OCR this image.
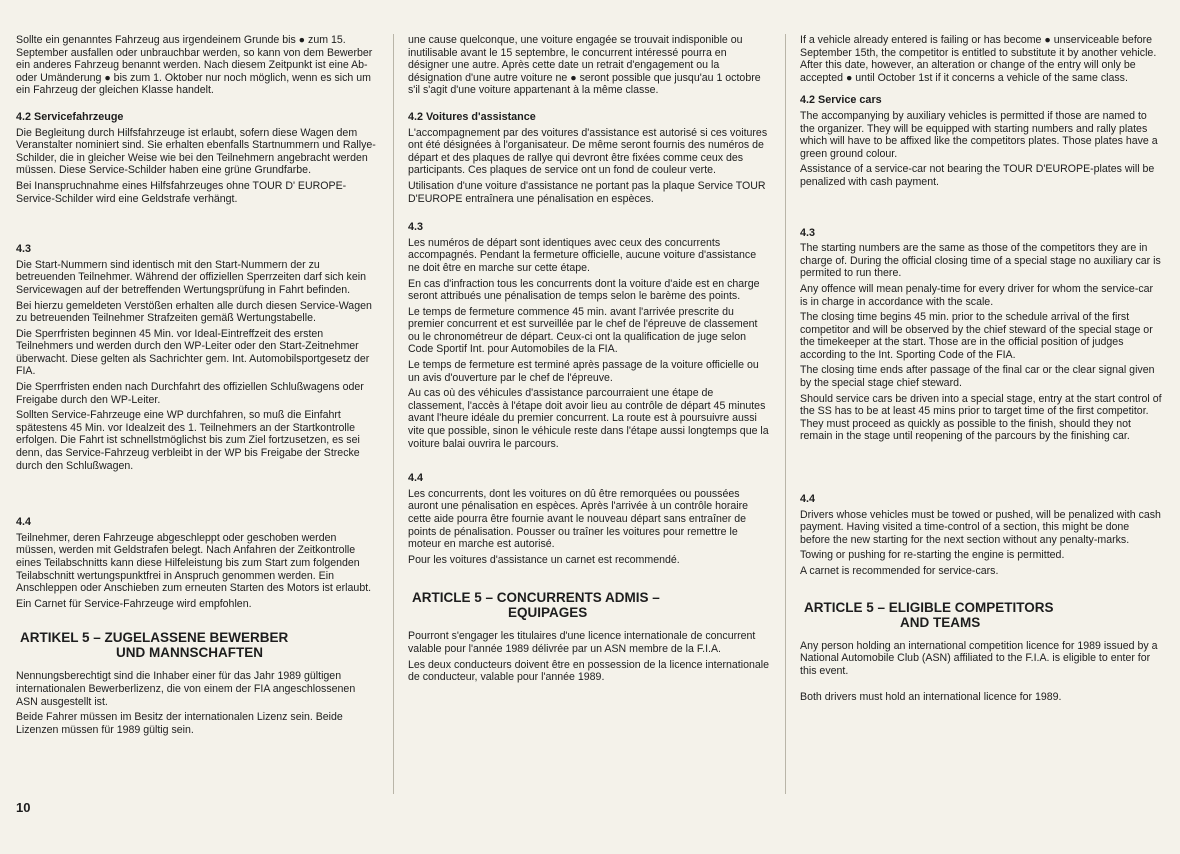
Sollte ein genanntes Fahrzeug aus irgendeinem Grunde bis ● zum 15. September ausfallen oder unbrauchbar werden, so kann von dem Bewerber ein anderes Fahrzeug benannt werden. Nach diesem Zeitpunkt ist eine Ab- oder Umänderung ● bis zum 1. Oktober nur noch möglich, wenn es sich um ein Fahrzeug der gleichen Klasse handelt.

4.2 Servicefahrzeuge

Die Begleitung durch Hilfsfahrzeuge ist erlaubt, sofern diese Wagen dem Veranstalter nominiert sind. Sie erhalten ebenfalls Startnummern und Rallye-Schilder, die in gleicher Weise wie bei den Teilnehmern angebracht werden müssen. Diese Service-Schilder haben eine grüne Grundfarbe.

Bei Inanspruchnahme eines Hilfsfahrzeuges ohne TOUR D' EUROPE-Service-Schilder wird eine Geldstrafe verhängt.

4.3

Die Start-Nummern sind identisch mit den Start-Nummern der zu betreuenden Teilnehmer. Während der offiziellen Sperrzeiten darf sich kein Servicewagen auf der betreffenden Wertungsprüfung in Fahrt befinden.

Bei hierzu gemeldeten Verstößen erhalten alle durch diesen Service-Wagen zu betreuenden Teilnehmer Strafzeiten gemäß Wertungstabelle.

Die Sperrfristen beginnen 45 Min. vor Ideal-Eintreffzeit des ersten Teilnehmers und werden durch den WP-Leiter oder den Start-Zeitnehmer überwacht. Diese gelten als Sachrichter gem. Int. Automobilsportgesetz der FIA.

Die Sperrfristen enden nach Durchfahrt des offiziellen Schlußwagens oder Freigabe durch den WP-Leiter.

Sollten Service-Fahrzeuge eine WP durchfahren, so muß die Einfahrt spätestens 45 Min. vor Idealzeit des 1. Teilnehmers an der Startkontrolle erfolgen. Die Fahrt ist schnellstmöglichst bis zum Ziel fortzusetzen, es sei denn, das Service-Fahrzeug verbleibt in der WP bis Freigabe der Strecke durch den Schlußwagen.

4.4

Teilnehmer, deren Fahrzeuge abgeschleppt oder geschoben werden müssen, werden mit Geldstrafen belegt. Nach Anfahren der Zeitkontrolle eines Teilabschnitts kann diese Hilfeleistung bis zum Start zum folgenden Teilabschnitt wertungspunktfrei in Anspruch genommen werden. Ein Anschleppen oder Anschieben zum erneuten Starten des Motors ist erlaubt.

Ein Carnet für Service-Fahrzeuge wird empfohlen.

ARTIKEL 5 – ZUGELASSENE BEWERBER
UND MANNSCHAFTEN

Nennungsberechtigt sind die Inhaber einer für das Jahr 1989 gültigen internationalen Bewerberlizenz, die von einem der FIA angeschlossenen ASN ausgestellt ist.

Beide Fahrer müssen im Besitz der internationalen Lizenz sein. Beide Lizenzen müssen für 1989 gültig sein.

une cause quelconque, une voiture engagée se trouvait indisponible ou inutilisable avant le 15 septembre, le concurrent intéressé pourra en désigner une autre. Après cette date un retrait d'engagement ou la désignation d'une autre voiture ne ● seront possible que jusqu'au 1 octobre s'il s'agit d'une voiture appartenant à la même classe.

4.2 Voitures d'assistance

L'accompagnement par des voitures d'assistance est autorisé si ces voitures ont été désignées à l'organisateur. De même seront fournis des numéros de départ et des plaques de rallye qui devront être fixées comme ceux des participants. Ces plaques de service ont un fond de couleur verte.

Utilisation d'une voiture d'assistance ne portant pas la plaque Service TOUR D'EUROPE entraînera une pénalisation en espèces.

4.3

Les numéros de départ sont identiques avec ceux des concurrents accompagnés. Pendant la fermeture officielle, aucune voiture d'assistance ne doit être en marche sur cette étape.

En cas d'infraction tous les concurrents dont la voiture d'aide est en charge seront attribués une pénalisation de temps selon le barème des points.

Le temps de fermeture commence 45 min. avant l'arrivée prescrite du premier concurrent et est surveillée par le chef de l'épreuve de classement ou le chronométreur de départ. Ceux-ci ont la qualification de juge selon Code Sportif Int. pour Automobiles de la FIA.

Le temps de fermeture est terminé après passage de la voiture officielle ou un avis d'ouverture par le chef de l'épreuve.

Au cas où des véhicules d'assistance parcourraient une étape de classement, l'accès à l'étape doit avoir lieu au contrôle de départ 45 minutes avant l'heure idéale du premier concurrent. La route est à poursuivre aussi vite que possible, sinon le véhicule reste dans l'étape aussi longtemps que la voiture balai ouvrira le parcours.

4.4

Les concurrents, dont les voitures on dû être remorquées ou poussées auront une pénalisation en espèces. Après l'arrivée à un contrôle horaire cette aide pourra être fournie avant le nouveau départ sans entraîner de points de pénalisation. Pousser ou traîner les voitures pour remettre le moteur en marche est autorisé.

Pour les voitures d'assistance un carnet est recommendé.

ARTICLE 5 – CONCURRENTS ADMIS –
EQUIPAGES

Pourront s'engager les titulaires d'une licence internationale de concurrent valable pour l'année 1989 délivrée par un ASN membre de la F.I.A.

Les deux conducteurs doivent être en possession de la licence internationale de conducteur, valable pour l'année 1989.

If a vehicle already entered is failing or has become ● unserviceable before September 15th, the competitor is entitled to substitute it by another vehicle. After this date, however, an alteration or change of the entry will only be accepted ● until October 1st if it concerns a vehicle of the same class.

4.2 Service cars

The accompanying by auxiliary vehicles is permitted if those are named to the organizer. They will be equipped with starting numbers and rally plates which will have to be affixed like the competitors plates. Those plates have a green ground colour.

Assistance of a service-car not bearing the TOUR D'EUROPE-plates will be penalized with cash payment.

4.3

The starting numbers are the same as those of the competitors they are in charge of. During the official closing time of a special stage no auxiliary car is permited to run there.

Any offence will mean penaly-time for every driver for whom the service-car is in charge in accordance with the scale.

The closing time begins 45 min. prior to the schedule arrival of the first competitor and will be observed by the chief steward of the special stage or the timekeeper at the start. Those are in the official position of judges according to the Int. Sporting Code of the FIA.

The closing time ends after passage of the final car or the clear signal given by the special stage chief steward.

Should service cars be driven into a special stage, entry at the start control of the SS has to be at least 45 mins prior to target time of the first competitor. They must proceed as quickly as possible to the finish, should they not remain in the stage until reopening of the parcours by the finishing car.

4.4

Drivers whose vehicles must be towed or pushed, will be penalized with cash payment. Having visited a time-control of a section, this might be done before the new starting for the next section without any penalty-marks.

Towing or pushing for re-starting the engine is permitted.

A carnet is recommended for service-cars.

ARTICLE 5 – ELIGIBLE COMPETITORS
AND TEAMS

Any person holding an international competition licence for 1989 issued by a National Automobile Club (ASN) affiliated to the F.I.A. is eligible to enter for this event.

Both drivers must hold an international licence for 1989.

10
